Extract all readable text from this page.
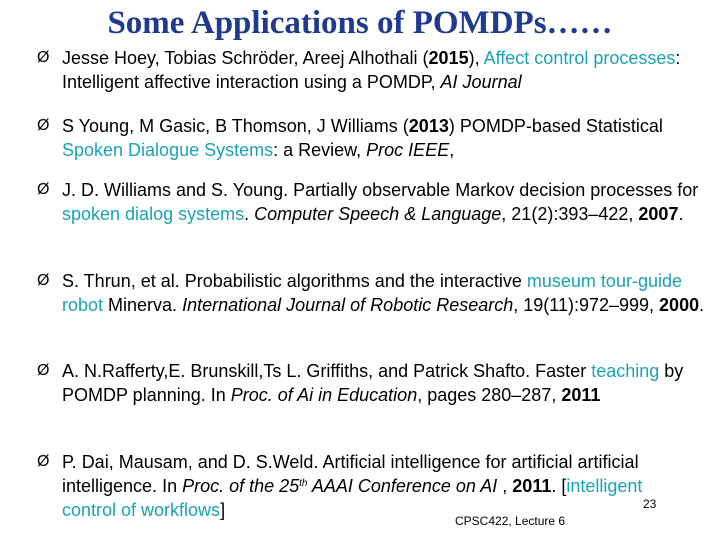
Some Applications of POMDPs……
Ø Jesse Hoey, Tobias Schröder, Areej Alhothali (2015), Affect control processes: Intelligent affective interaction using a POMDP, AI Journal
Ø S Young, M Gasic, B Thomson, J Williams (2013) POMDP-based Statistical Spoken Dialogue Systems: a Review, Proc IEEE,
Ø J. D. Williams and S. Young. Partially observable Markov decision processes for spoken dialog systems. Computer Speech & Language, 21(2):393–422, 2007.
Ø S. Thrun, et al. Probabilistic algorithms and the interactive museum tour-guide robot Minerva. International Journal of Robotic Research, 19(11):972–999, 2000.
Ø A. N.Rafferty,E. Brunskill,Ts L. Griffiths, and Patrick Shafto. Faster teaching by POMDP planning. In Proc. of Ai in Education, pages 280–287, 2011
Ø P. Dai, Mausam, and D. S.Weld. Artificial intelligence for artificial artificial intelligence. In Proc. of the 25th AAAI Conference on AI , 2011. [intelligent control of workflows]	23
CPSC422, Lecture 6
